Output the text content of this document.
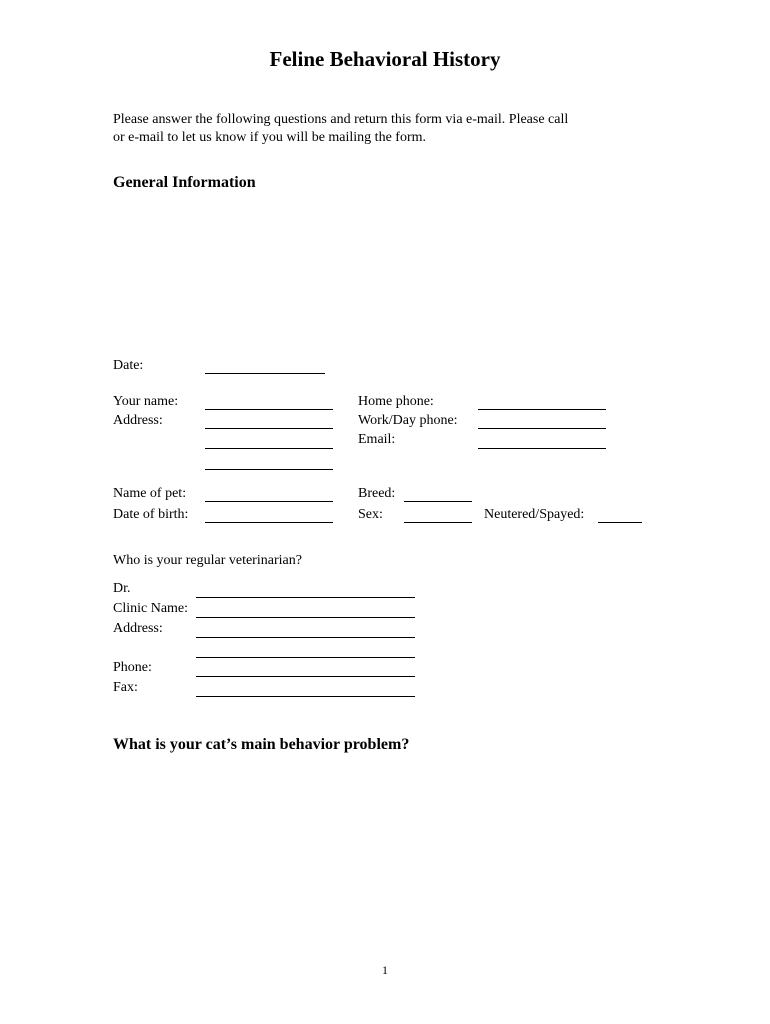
Feline Behavioral History
Please answer the following questions and return this form via e-mail. Please call
or e-mail to let us know if you will be mailing the form.
General Information
Date:
Your name:
Address:
Home phone:
Work/Day phone:
Email:
Name of pet:
Date of birth:
Breed:
Sex:	Neutered/Spayed:
Who is your regular veterinarian?
Dr.
Clinic Name:
Address:
Phone:
Fax:
What is your cat’s main behavior problem?
1
